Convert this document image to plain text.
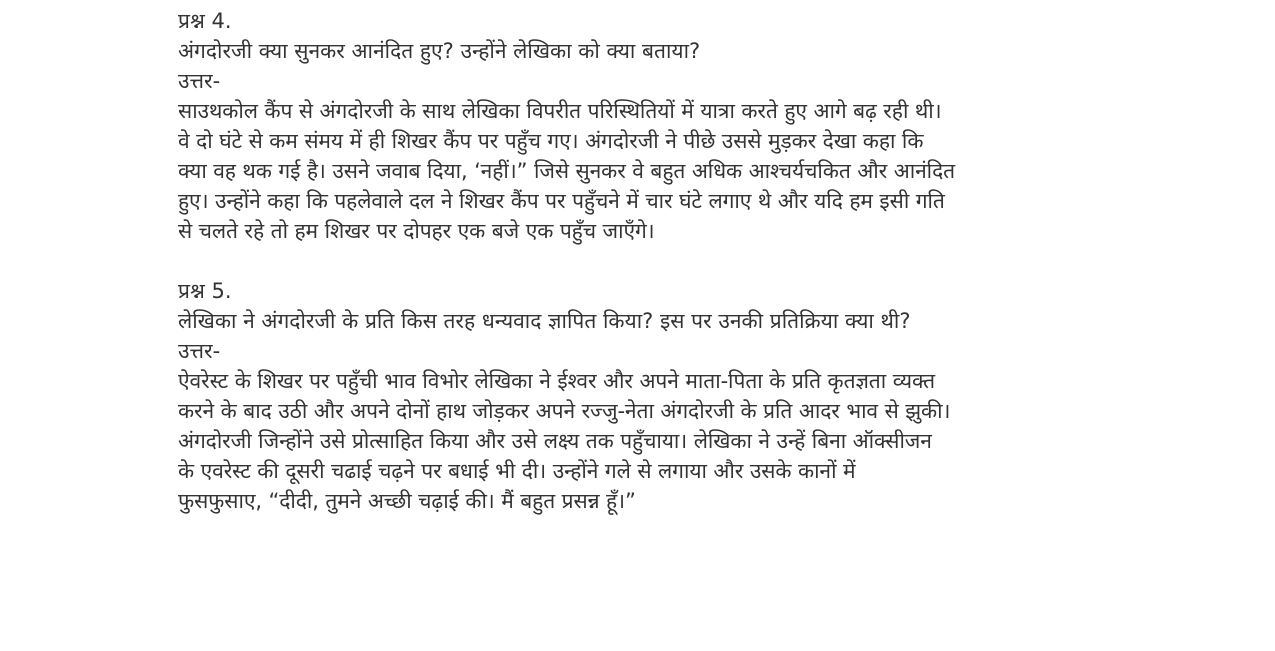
प्रश्न 4.
अंगदोरजी क्या सुनकर आनंदित हुए? उन्होंने लेखिका को क्या बताया?
उत्तर-
साउथकोल कैंप से अंगदोरजी के साथ लेखिका विपरीत परिस्थितियों में यात्रा करते हुए आगे बढ़ रही थी।
वे दो घंटे से कम संमय में ही शिखर कैंप पर पहुँच गए। अंगदोरजी ने पीछे उससे मुड़कर देखा कहा कि
क्या वह थक गई है। उसने जवाब दिया, ‘नहीं।” जिसे सुनकर वे बहुत अधिक आश्चर्यचकित और आनंदित
हुए। उन्होंने कहा कि पहलेवाले दल ने शिखर कैंप पर पहुँचने में चार घंटे लगाए थे और यदि हम इसी गति
से चलते रहे तो हम शिखर पर दोपहर एक बजे एक पहुँच जाएँगे।
प्रश्न 5.
लेखिका ने अंगदोरजी के प्रति किस तरह धन्यवाद ज्ञापित किया? इस पर उनकी प्रतिक्रिया क्या थी?
उत्तर-
ऐवरेस्ट के शिखर पर पहुँची भाव विभोर लेखिका ने ईश्वर और अपने माता-पिता के प्रति कृतज्ञता व्यक्त
करने के बाद उठी और अपने दोनों हाथ जोड़कर अपने रज्जु-नेता अंगदोरजी के प्रति आदर भाव से झुकी।
अंगदोरजी जिन्होंने उसे प्रोत्साहित किया और उसे लक्ष्य तक पहुँचाया। लेखिका ने उन्हें बिना ऑक्सीजन
के एवरेस्ट की दूसरी चढाई चढ़ने पर बधाई भी दी। उन्होंने गले से लगाया और उसके कानों में
फुसफुसाए, “दीदी, तुमने अच्छी चढ़ाई की। मैं बहुत प्रसन्न हूँ।”
